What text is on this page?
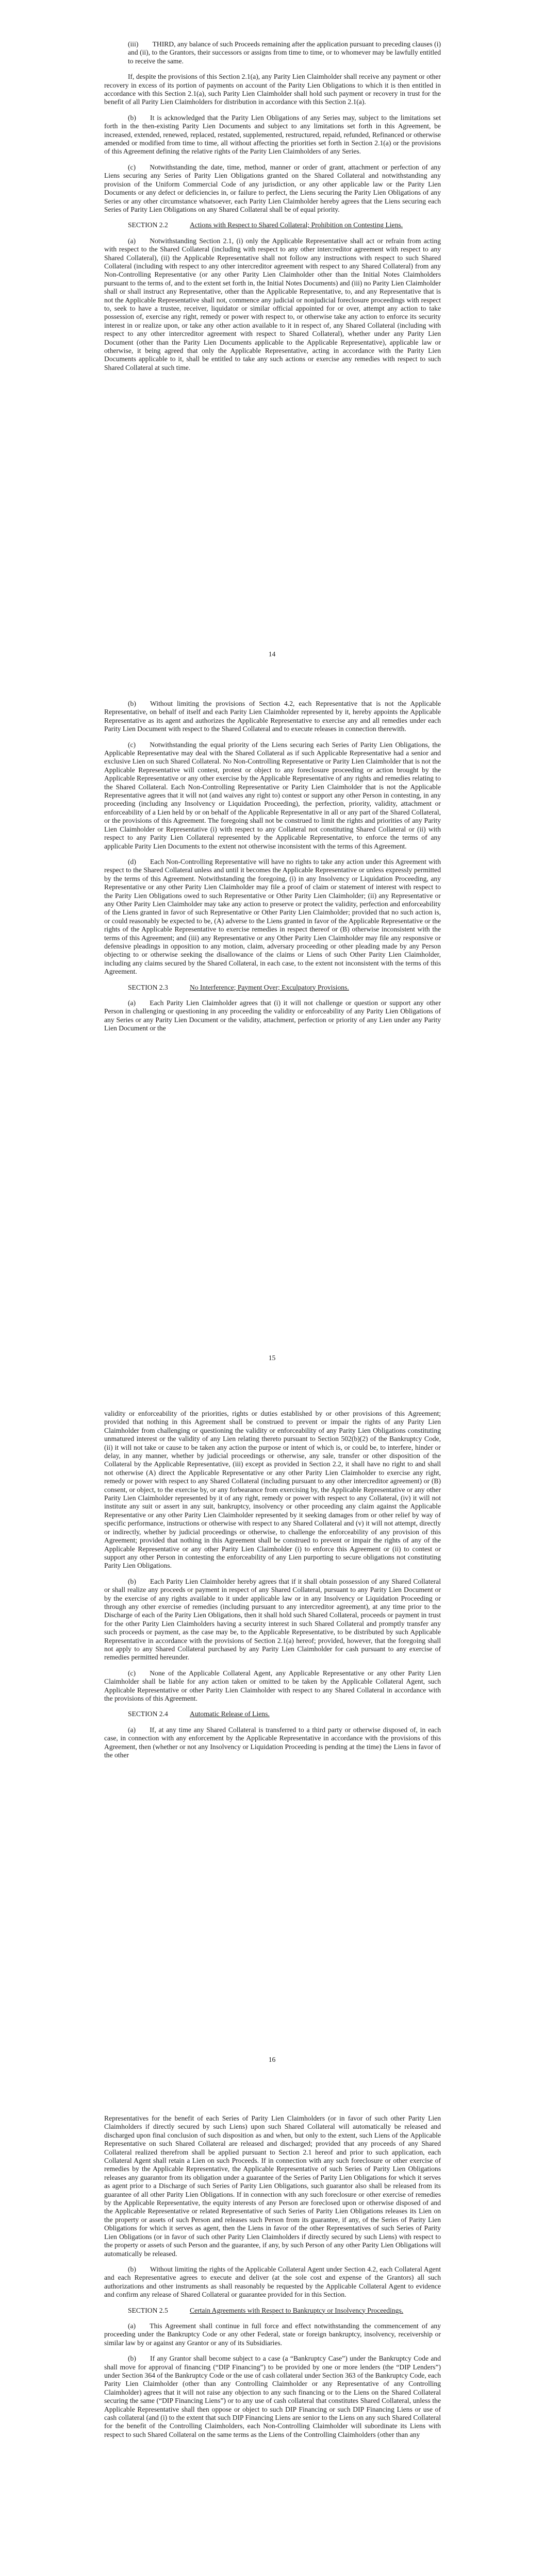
(iii)  THIRD, any balance of such Proceeds remaining after the application pursuant to preceding clauses (i) and (ii), to the Grantors, their successors or assigns from time to time, or to whomever may be lawfully entitled to receive the same.

If, despite the provisions of this Section 2.1(a), any Parity Lien Claimholder shall receive any payment or other recovery in excess of its portion of payments on account of the Parity Lien Obligations to which it is then entitled in accordance with this Section 2.1(a), such Parity Lien Claimholder shall hold such payment or recovery in trust for the benefit of all Parity Lien Claimholders for distribution in accordance with this Section 2.1(a).

(b)  It is acknowledged that the Parity Lien Obligations of any Series may, subject to the limitations set forth in the then-existing Parity Lien Documents and subject to any limitations set forth in this Agreement, be increased, extended, renewed, replaced, restated, supplemented, restructured, repaid, refunded, Refinanced or otherwise amended or modified from time to time, all without affecting the priorities set forth in Section 2.1(a) or the provisions of this Agreement defining the relative rights of the Parity Lien Claimholders of any Series.

(c)  Notwithstanding the date, time, method, manner or order of grant, attachment or perfection of any Liens securing any Series of Parity Lien Obligations granted on the Shared Collateral and notwithstanding any provision of the Uniform Commercial Code of any jurisdiction, or any other applicable law or the Parity Lien Documents or any defect or deficiencies in, or failure to perfect, the Liens securing the Parity Lien Obligations of any Series or any other circumstance whatsoever, each Parity Lien Claimholder hereby agrees that the Liens securing each Series of Parity Lien Obligations on any Shared Collateral shall be of equal priority.

SECTION 2.2	Actions with Respect to Shared Collateral; Prohibition on Contesting Liens.

(a)  Notwithstanding Section 2.1, (i) only the Applicable Representative shall act or refrain from acting with respect to the Shared Collateral (including with respect to any other intercreditor agreement with respect to any Shared Collateral), (ii) the Applicable Representative shall not follow any instructions with respect to such Shared Collateral (including with respect to any other intercreditor agreement with respect to any Shared Collateral) from any Non-Controlling Representative (or any other Parity Lien Claimholder other than the Initial Notes Claimholders pursuant to the terms of, and to the extent set forth in, the Initial Notes Documents) and (iii) no Parity Lien Claimholder shall or shall instruct any Representative, other than the Applicable Representative, to, and any Representative that is not the Applicable Representative shall not, commence any judicial or nonjudicial foreclosure proceedings with respect to, seek to have a trustee, receiver, liquidator or similar official appointed for or over, attempt any action to take possession of, exercise any right, remedy or power with respect to, or otherwise take any action to enforce its security interest in or realize upon, or take any other action available to it in respect of, any Shared Collateral (including with respect to any other intercreditor agreement with respect to Shared Collateral), whether under any Parity Lien Document (other than the Parity Lien Documents applicable to the Applicable Representative), applicable law or otherwise, it being agreed that only the Applicable Representative, acting in accordance with the Parity Lien Documents applicable to it, shall be entitled to take any such actions or exercise any remedies with respect to such Shared Collateral at such time.

14

(b)  Without limiting the provisions of Section 4.2, each Representative that is not the Applicable Representative, on behalf of itself and each Parity Lien Claimholder represented by it, hereby appoints the Applicable Representative as its agent and authorizes the Applicable Representative to exercise any and all remedies under each Parity Lien Document with respect to the Shared Collateral and to execute releases in connection therewith.

(c)  Notwithstanding the equal priority of the Liens securing each Series of Parity Lien Obligations, the Applicable Representative may deal with the Shared Collateral as if such Applicable Representative had a senior and exclusive Lien on such Shared Collateral. No Non-Controlling Representative or Parity Lien Claimholder that is not the Applicable Representative will contest, protest or object to any foreclosure proceeding or action brought by the Applicable Representative or any other exercise by the Applicable Representative of any rights and remedies relating to the Shared Collateral. Each Non-Controlling Representative or Parity Lien Claimholder that is not the Applicable Representative agrees that it will not (and waives any right to) contest or support any other Person in contesting, in any proceeding (including any Insolvency or Liquidation Proceeding), the perfection, priority, validity, attachment or enforceability of a Lien held by or on behalf of the Applicable Representative in all or any part of the Shared Collateral, or the provisions of this Agreement. The foregoing shall not be construed to limit the rights and priorities of any Parity Lien Claimholder or Representative (i) with respect to any Collateral not constituting Shared Collateral or (ii) with respect to any Parity Lien Collateral represented by the Applicable Representative, to enforce the terms of any applicable Parity Lien Documents to the extent not otherwise inconsistent with the terms of this Agreement.

(d)  Each Non-Controlling Representative will have no rights to take any action under this Agreement with respect to the Shared Collateral unless and until it becomes the Applicable Representative or unless expressly permitted by the terms of this Agreement. Notwithstanding the foregoing, (i) in any Insolvency or Liquidation Proceeding, any Representative or any other Parity Lien Claimholder may file a proof of claim or statement of interest with respect to the Parity Lien Obligations owed to such Representative or Other Parity Lien Claimholder; (ii) any Representative or any Other Parity Lien Claimholder may take any action to preserve or protect the validity, perfection and enforceability of the Liens granted in favor of such Representative or Other Parity Lien Claimholder; provided that no such action is, or could reasonably be expected to be, (A) adverse to the Liens granted in favor of the Applicable Representative or the rights of the Applicable Representative to exercise remedies in respect thereof or (B) otherwise inconsistent with the terms of this Agreement; and (iii) any Representative or any Other Parity Lien Claimholder may file any responsive or defensive pleadings in opposition to any motion, claim, adversary proceeding or other pleading made by any Person objecting to or otherwise seeking the disallowance of the claims or Liens of such Other Parity Lien Claimholder, including any claims secured by the Shared Collateral, in each case, to the extent not inconsistent with the terms of this Agreement.

SECTION 2.3	No Interference; Payment Over; Exculpatory Provisions.

(a)  Each Parity Lien Claimholder agrees that (i) it will not challenge or question or support any other Person in challenging or questioning in any proceeding the validity or enforceability of any Parity Lien Obligations of any Series or any Parity Lien Document or the validity, attachment, perfection or priority of any Lien under any Parity Lien Document or the

15

validity or enforceability of the priorities, rights or duties established by or other provisions of this Agreement; provided that nothing in this Agreement shall be construed to prevent or impair the rights of any Parity Lien Claimholder from challenging or questioning the validity or enforceability of any Parity Lien Obligations constituting unmatured interest or the validity of any Lien relating thereto pursuant to Section 502(b)(2) of the Bankruptcy Code, (ii) it will not take or cause to be taken any action the purpose or intent of which is, or could be, to interfere, hinder or delay, in any manner, whether by judicial proceedings or otherwise, any sale, transfer or other disposition of the Collateral by the Applicable Representative, (iii) except as provided in Section 2.2, it shall have no right to and shall not otherwise (A) direct the Applicable Representative or any other Parity Lien Claimholder to exercise any right, remedy or power with respect to any Shared Collateral (including pursuant to any other intercreditor agreement) or (B) consent, or object, to the exercise by, or any forbearance from exercising by, the Applicable Representative or any other Parity Lien Claimholder represented by it of any right, remedy or power with respect to any Collateral, (iv) it will not institute any suit or assert in any suit, bankruptcy, insolvency or other proceeding any claim against the Applicable Representative or any other Parity Lien Claimholder represented by it seeking damages from or other relief by way of specific performance, instructions or otherwise with respect to any Shared Collateral and (v) it will not attempt, directly or indirectly, whether by judicial proceedings or otherwise, to challenge the enforceability of any provision of this Agreement; provided that nothing in this Agreement shall be construed to prevent or impair the rights of any of the Applicable Representative or any other Parity Lien Claimholder (i) to enforce this Agreement or (ii) to contest or support any other Person in contesting the enforceability of any Lien purporting to secure obligations not constituting Parity Lien Obligations.

(b)  Each Parity Lien Claimholder hereby agrees that if it shall obtain possession of any Shared Collateral or shall realize any proceeds or payment in respect of any Shared Collateral, pursuant to any Parity Lien Document or by the exercise of any rights available to it under applicable law or in any Insolvency or Liquidation Proceeding or through any other exercise of remedies (including pursuant to any intercreditor agreement), at any time prior to the Discharge of each of the Parity Lien Obligations, then it shall hold such Shared Collateral, proceeds or payment in trust for the other Parity Lien Claimholders having a security interest in such Shared Collateral and promptly transfer any such proceeds or payment, as the case may be, to the Applicable Representative, to be distributed by such Applicable Representative in accordance with the provisions of Section 2.1(a) hereof; provided, however, that the foregoing shall not apply to any Shared Collateral purchased by any Parity Lien Claimholder for cash pursuant to any exercise of remedies permitted hereunder.

(c)  None of the Applicable Collateral Agent, any Applicable Representative or any other Parity Lien Claimholder shall be liable for any action taken or omitted to be taken by the Applicable Collateral Agent, such Applicable Representative or other Parity Lien Claimholder with respect to any Shared Collateral in accordance with the provisions of this Agreement.

SECTION 2.4	Automatic Release of Liens.

(a)  If, at any time any Shared Collateral is transferred to a third party or otherwise disposed of, in each case, in connection with any enforcement by the Applicable Representative in accordance with the provisions of this Agreement, then (whether or not any Insolvency or Liquidation Proceeding is pending at the time) the Liens in favor of the other

16

Representatives for the benefit of each Series of Parity Lien Claimholders (or in favor of such other Parity Lien Claimholders if directly secured by such Liens) upon such Shared Collateral will automatically be released and discharged upon final conclusion of such disposition as and when, but only to the extent, such Liens of the Applicable Representative on such Shared Collateral are released and discharged; provided that any proceeds of any Shared Collateral realized therefrom shall be applied pursuant to Section 2.1 hereof and prior to such application, each Collateral Agent shall retain a Lien on such Proceeds. If in connection with any such foreclosure or other exercise of remedies by the Applicable Representative, the Applicable Representative of such Series of Parity Lien Obligations releases any guarantor from its obligation under a guarantee of the Series of Parity Lien Obligations for which it serves as agent prior to a Discharge of such Series of Parity Lien Obligations, such guarantor also shall be released from its guarantee of all other Parity Lien Obligations. If in connection with any such foreclosure or other exercise of remedies by the Applicable Representative, the equity interests of any Person are foreclosed upon or otherwise disposed of and the Applicable Representative or related Representative of such Series of Parity Lien Obligations releases its Lien on the property or assets of such Person and releases such Person from its guarantee, if any, of the Series of Parity Lien Obligations for which it serves as agent, then the Liens in favor of the other Representatives of such Series of Parity Lien Obligations (or in favor of such other Parity Lien Claimholders if directly secured by such Liens) with respect to the property or assets of such Person and the guarantee, if any, by such Person of any other Parity Lien Obligations will automatically be released.

(b)  Without limiting the rights of the Applicable Collateral Agent under Section 4.2, each Collateral Agent and each Representative agrees to execute and deliver (at the sole cost and expense of the Grantors) all such authorizations and other instruments as shall reasonably be requested by the Applicable Collateral Agent to evidence and confirm any release of Shared Collateral or guarantee provided for in this Section.

SECTION 2.5	Certain Agreements with Respect to Bankruptcy or Insolvency Proceedings.

(a)  This Agreement shall continue in full force and effect notwithstanding the commencement of any proceeding under the Bankruptcy Code or any other Federal, state or foreign bankruptcy, insolvency, receivership or similar law by or against any Grantor or any of its Subsidiaries.

(b)  If any Grantor shall become subject to a case (a “Bankruptcy Case”) under the Bankruptcy Code and shall move for approval of financing (“DIP Financing”) to be provided by one or more lenders (the “DIP Lenders”) under Section 364 of the Bankruptcy Code or the use of cash collateral under Section 363 of the Bankruptcy Code, each Parity Lien Claimholder (other than any Controlling Claimholder or any Representative of any Controlling Claimholder) agrees that it will not raise any objection to any such financing or to the Liens on the Shared Collateral securing the same (“DIP Financing Liens”) or to any use of cash collateral that constitutes Shared Collateral, unless the Applicable Representative shall then oppose or object to such DIP Financing or such DIP Financing Liens or use of cash collateral (and (i) to the extent that such DIP Financing Liens are senior to the Liens on any such Shared Collateral for the benefit of the Controlling Claimholders, each Non-Controlling Claimholder will subordinate its Liens with respect to such Shared Collateral on the same terms as the Liens of the Controlling Claimholders (other than any
